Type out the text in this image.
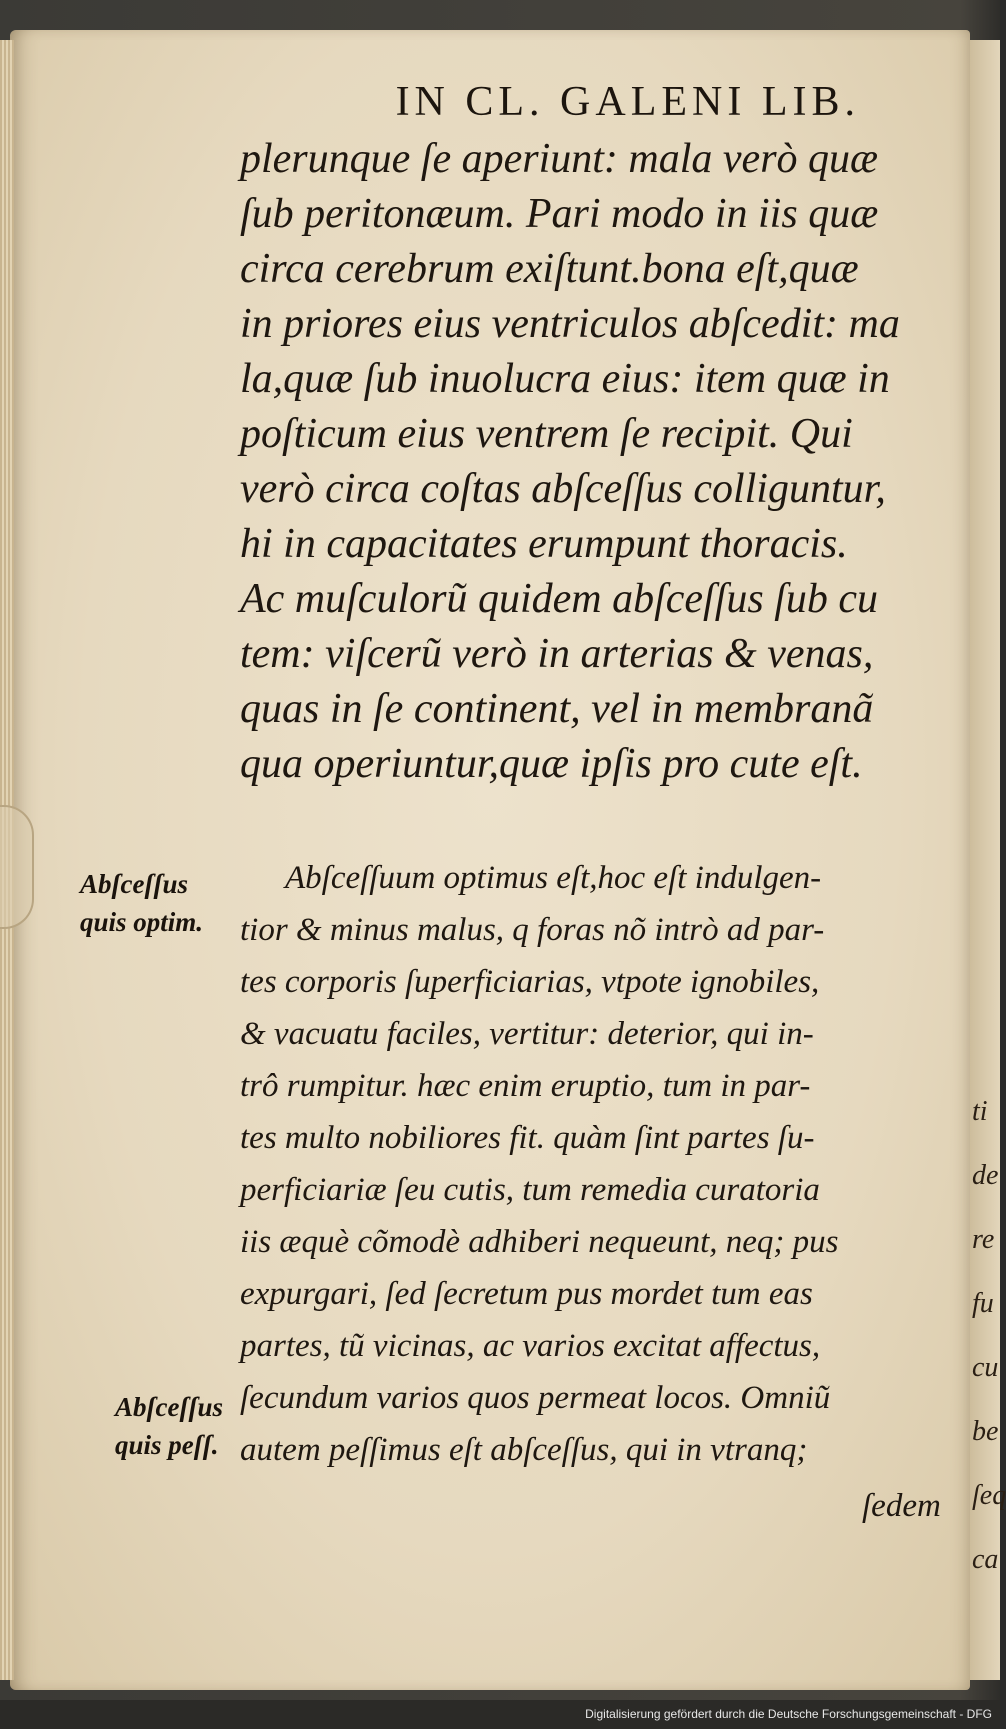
ti de re fu cu be ſeq ca
IN CL. GALENI LIB.
plerunque ſe aperiunt: mala verò quæ
ſub peritonæum. Pari modo in iis quæ
circa cerebrum exiſtunt.bona eſt,quæ
in priores eius ventriculos abſcedit: ma
la,quæ ſub inuolucra eius: item quæ in
poſticum eius ventrem ſe recipit. Qui
verò circa coſtas abſceſſus colliguntur,
hi in capacitates erumpunt thoracis.
Ac muſculorũ quidem abſceſſus ſub cu
tem: viſcerũ verò in arterias & venas,
quas in ſe continent, vel in membranã
qua operiuntur,quæ ipſis pro cute eſt.
Abſceſſuum optimus eſt,hoc eſt indulgen-
tior & minus malus, q foras nõ intrò ad par-
tes corporis ſuperficiarias, vtpote ignobiles,
& vacuatu faciles, vertitur: deterior, qui in-
trô rumpitur. hæc enim eruptio, tum in par-
tes multo nobiliores fit. quàm ſint partes ſu-
perficiariæ ſeu cutis, tum remedia curatoria
iis æquè cõmodè adhiberi nequeunt, neq; pus
expurgari, ſed ſecretum pus mordet tum eas
partes, tũ vicinas, ac varios excitat affectus,
ſecundum varios quos permeat locos. Omniũ
autem peſſimus eſt abſceſſus, qui in vtranq;
Abſceſſus
quis optim.
Abſceſſus
quis peſſ.
ſedem
Digitalisierung gefördert durch die Deutsche Forschungsgemeinschaft - DFG
